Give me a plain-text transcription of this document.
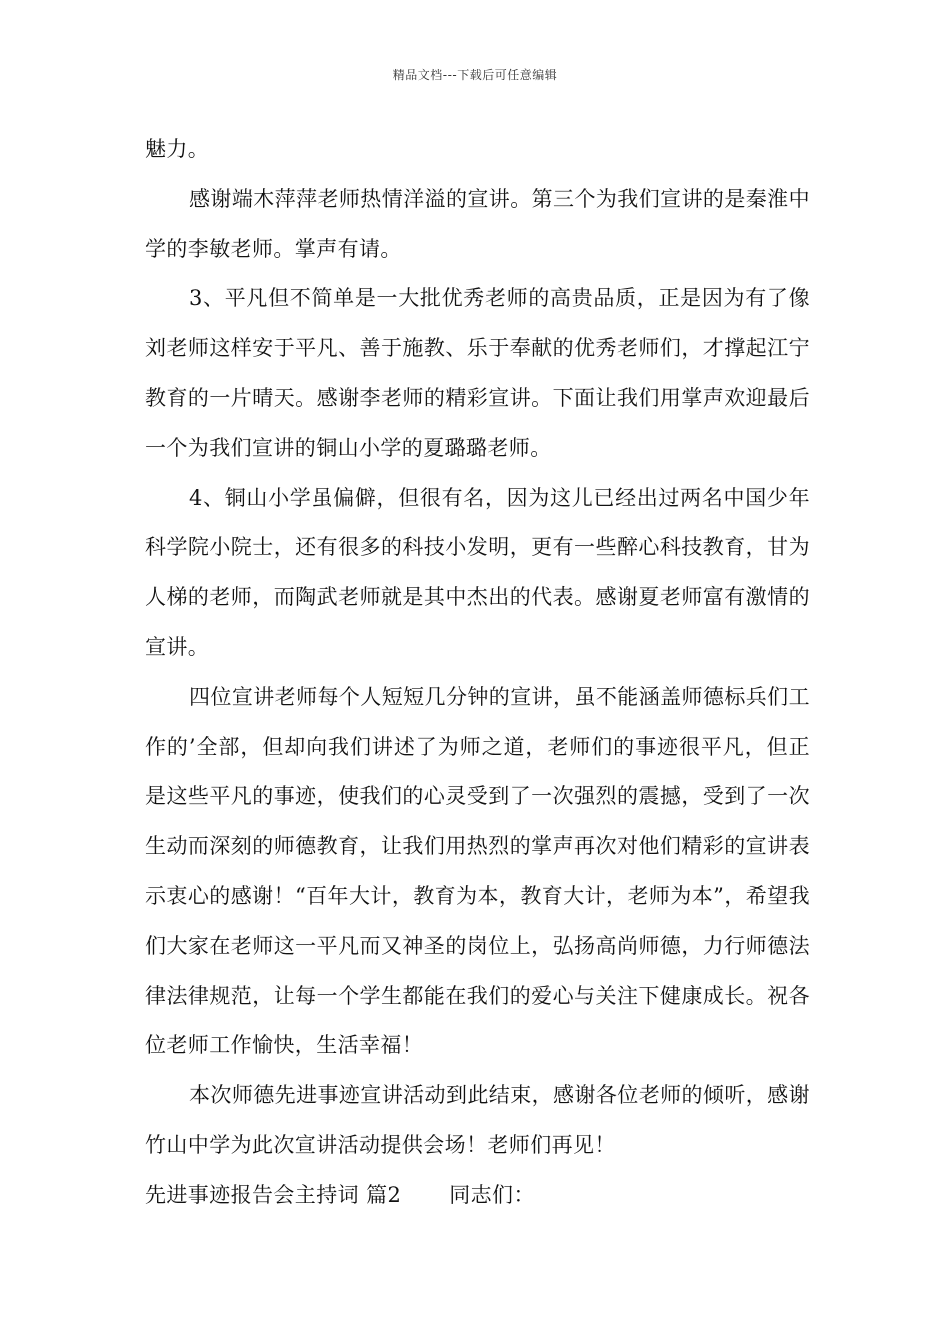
精品文档---下载后可任意编辑

魅力。

感谢端木萍萍老师热情洋溢的宣讲。第三个为我们宣讲的是秦淮中学的李敏老师。掌声有请。

3、平凡但不简单是一大批优秀老师的高贵品质，正是因为有了像刘老师这样安于平凡、善于施教、乐于奉献的优秀老师们，才撑起江宁教育的一片晴天。感谢李老师的精彩宣讲。下面让我们用掌声欢迎最后一个为我们宣讲的铜山小学的夏璐璐老师。

4、铜山小学虽偏僻，但很有名，因为这儿已经出过两名中国少年科学院小院士，还有很多的科技小发明，更有一些醉心科技教育，甘为人梯的老师，而陶武老师就是其中杰出的代表。感谢夏老师富有激情的宣讲。

四位宣讲老师每个人短短几分钟的宣讲，虽不能涵盖师德标兵们工作的’全部，但却向我们讲述了为师之道，老师们的事迹很平凡，但正是这些平凡的事迹，使我们的心灵受到了一次强烈的震撼，受到了一次生动而深刻的师德教育，让我们用热烈的掌声再次对他们精彩的宣讲表示衷心的感谢！“百年大计，教育为本，教育大计，老师为本”，希望我们大家在老师这一平凡而又神圣的岗位上，弘扬高尚师德，力行师德法律法律规范，让每一个学生都能在我们的爱心与关注下健康成长。祝各位老师工作愉快，生活幸福！

本次师德先进事迹宣讲活动到此结束，感谢各位老师的倾听，感谢竹山中学为此次宣讲活动提供会场！老师们再见！

先进事迹报告会主持词 篇2 同志们：
